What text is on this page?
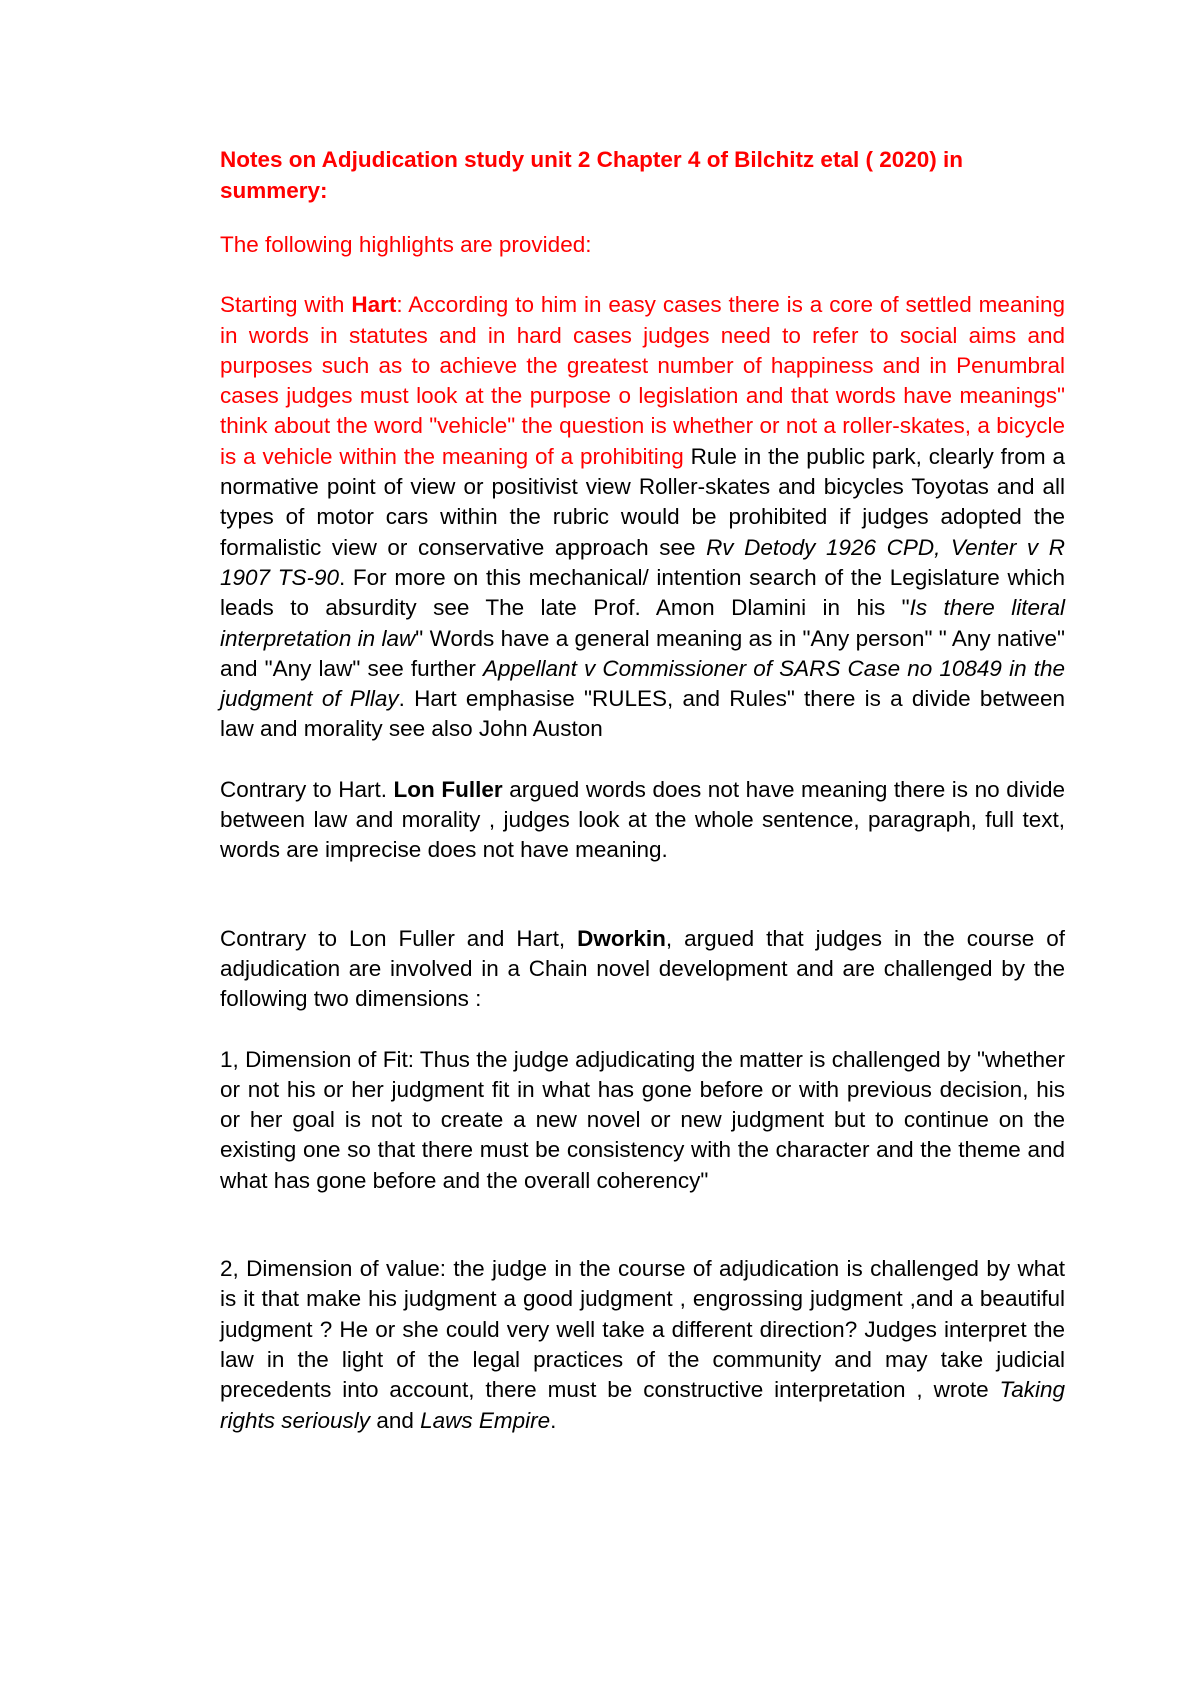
Notes on Adjudication study unit 2 Chapter 4 of Bilchitz etal ( 2020) in summery:

The following highlights are provided:

Starting with Hart: According to him in easy cases there is a core of settled meaning in words in statutes and in hard cases judges need to refer to social aims and purposes such as to achieve the greatest number of happiness and in Penumbral cases judges must look at the purpose o legislation and that words have meanings" think about the word "vehicle" the question is whether or not a roller-skates, a bicycle is a vehicle within the meaning of a prohibiting Rule in the public park, clearly from a normative point of view or positivist view Roller-skates and bicycles Toyotas and all types of motor cars within the rubric would be prohibited if judges adopted the formalistic view or conservative approach see Rv Detody 1926 CPD, Venter v R 1907 TS-90. For more on this mechanical/ intention search of the Legislature which leads to absurdity see The late Prof. Amon Dlamini in his "Is there literal interpretation in law" Words have a general meaning as in "Any person" " Any native" and "Any law" see further Appellant v Commissioner of SARS Case no 10849 in the judgment of Pllay. Hart emphasise "RULES, and Rules" there is a divide between law and morality see also John Auston

Contrary to Hart. Lon Fuller argued words does not have meaning there is no divide between law and morality , judges look at the whole sentence, paragraph, full text, words are imprecise does not have meaning.

Contrary to Lon Fuller and Hart, Dworkin, argued that judges in the course of adjudication are involved in a Chain novel development and are challenged by the following two dimensions :

1, Dimension of Fit: Thus the judge adjudicating the matter is challenged by "whether or not his or her judgment fit in what has gone before or with previous decision, his or her goal is not to create a new novel or new judgment but to continue on the existing one so that there must be consistency with the character and the theme and what has gone before and the overall coherency"

2, Dimension of value: the judge in the course of adjudication is challenged by what is it that make his judgment a good judgment , engrossing judgment ,and a beautiful judgment ? He or she could very well take a different direction? Judges interpret the law in the light of the legal practices of the community and may take judicial precedents into account, there must be constructive interpretation , wrote Taking rights seriously and Laws Empire.
